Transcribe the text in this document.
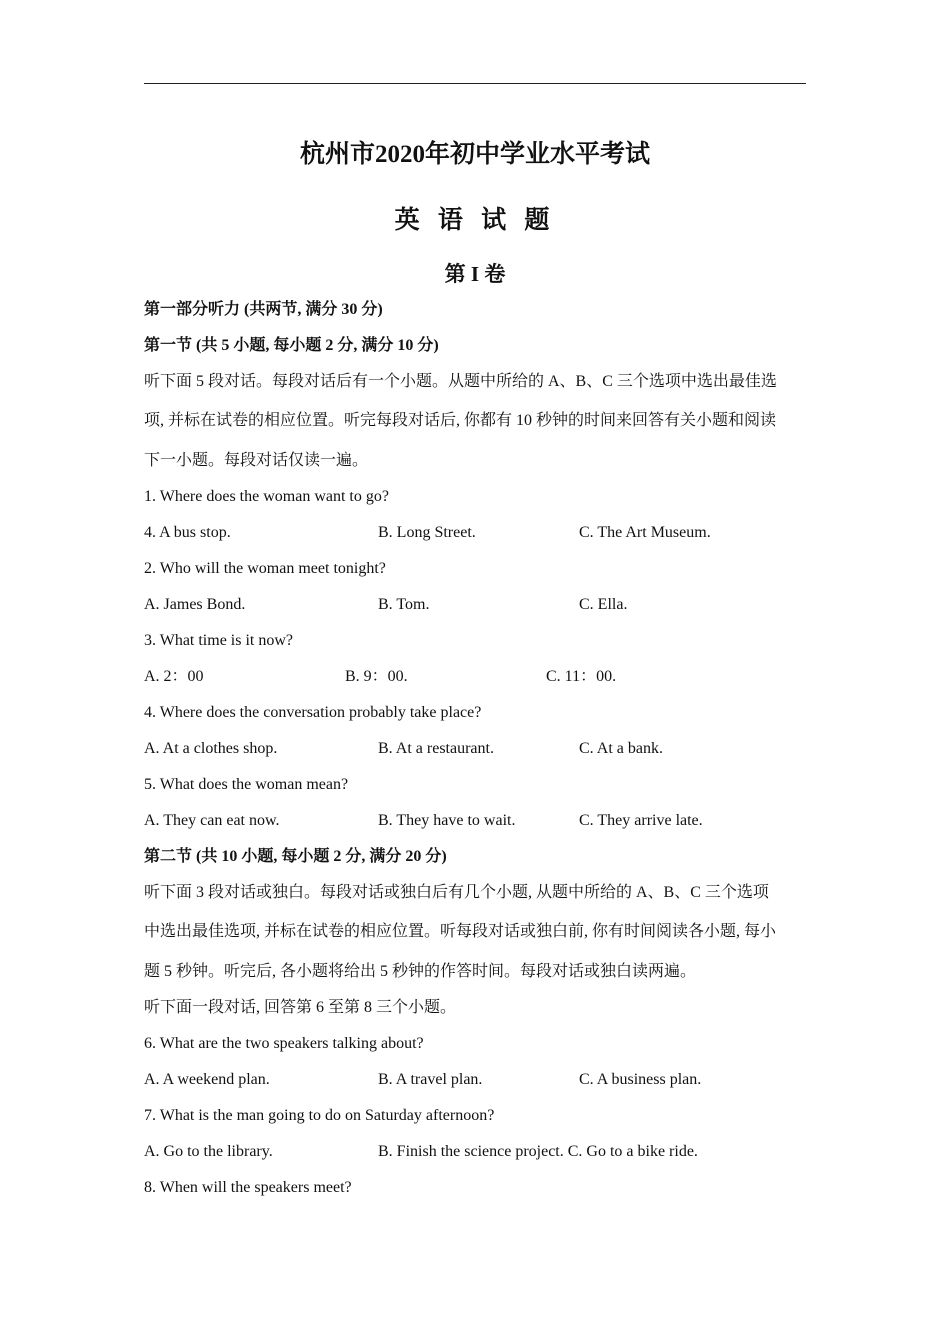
杭州市2020年初中学业水平考试
英 语 试 题
第 I 卷
第一部分听力 (共两节, 满分 30 分)
第一节 (共 5 小题, 每小题 2 分, 满分 10 分)
听下面 5 段对话。每段对话后有一个小题。从题中所给的 A、B、C 三个选项中选出最佳选
项, 并标在试卷的相应位置。听完每段对话后, 你都有 10 秒钟的时间来回答有关小题和阅读
下一小题。每段对话仅读一遍。
1. Where does the woman want to go?
4. A bus stop.	B. Long Street.	C. The Art Museum.
2. Who will the woman meet tonight?
A. James Bond.	B. Tom.	C. Ella.
3. What time is it now?
A. 2：00	B. 9：00.	C. 11：00.
4. Where does the conversation probably take place?
A. At a clothes shop.	B. At a restaurant.	C. At a bank.
5. What does the woman mean?
A. They can eat now.	B. They have to wait.	C. They arrive late.
第二节 (共 10 小题, 每小题 2 分, 满分 20 分)
听下面 3 段对话或独白。每段对话或独白后有几个小题, 从题中所给的 A、B、C 三个选项
中选出最佳选项, 并标在试卷的相应位置。听每段对话或独白前, 你有时间阅读各小题, 每小
题 5 秒钟。听完后, 各小题将给出 5 秒钟的作答时间。每段对话或独白读两遍。
听下面一段对话, 回答第 6 至第 8 三个小题。
6. What are the two speakers talking about?
A. A weekend plan.	B. A travel plan.	C. A business plan.
7. What is the man going to do on Saturday afternoon?
A. Go to the library.	B. Finish the science project. C. Go to a bike ride.
8. When will the speakers meet?
